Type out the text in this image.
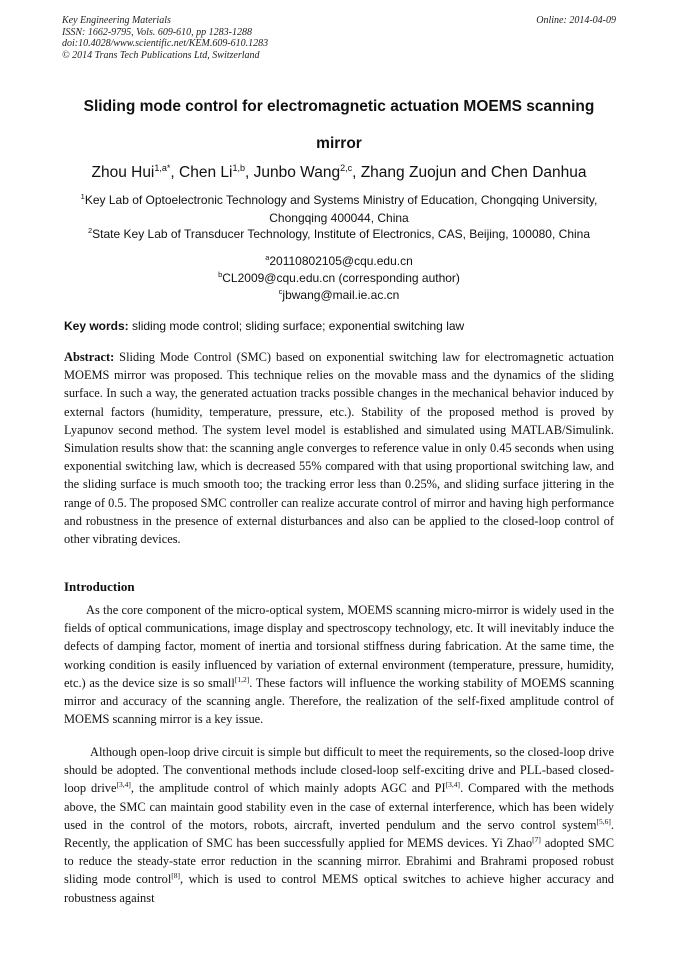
Key Engineering Materials
ISSN: 1662-9795, Vols. 609-610, pp 1283-1288
doi:10.4028/www.scientific.net/KEM.609-610.1283
© 2014 Trans Tech Publications Ltd, Switzerland
Online: 2014-04-09
Sliding mode control for electromagnetic actuation MOEMS scanning
mirror
Zhou Hui$^{1,a*}$, Chen Li$^{1,b}$, Junbo Wang$^{2,c}$, Zhang Zuojun and Chen Danhua
$^1$Key Lab of Optoelectronic Technology and Systems Ministry of Education, Chongqing University,
Chongqing 400044, China
$^2$State Key Lab of Transducer Technology, Institute of Electronics, CAS, Beijing, 100080, China
$^a$20110802105@cqu.edu.cn
$^b$CL2009@cqu.edu.cn (corresponding author)
$^c$jbwang@mail.ie.ac.cn
Key words: sliding mode control; sliding surface; exponential switching law
Abstract: Sliding Mode Control (SMC) based on exponential switching law for electromagnetic actuation MOEMS mirror was proposed. This technique relies on the movable mass and the dynamics of the sliding surface. In such a way, the generated actuation tracks possible changes in the mechanical behavior induced by external factors (humidity, temperature, pressure, etc.). Stability of the proposed method is proved by Lyapunov second method. The system level model is established and simulated using MATLAB/Simulink. Simulation results show that: the scanning angle converges to reference value in only 0.45 seconds when using exponential switching law, which is decreased 55% compared with that using proportional switching law, and the sliding surface is much smooth too; the tracking error less than 0.25%, and sliding surface jittering in the range of 0.5. The proposed SMC controller can realize accurate control of mirror and having high performance and robustness in the presence of external disturbances and also can be applied to the closed-loop control of other vibrating devices.
Introduction
As the core component of the micro-optical system, MOEMS scanning micro-mirror is widely used in the fields of optical communications, image display and spectroscopy technology, etc. It will inevitably induce the defects of damping factor, moment of inertia and torsional stiffness during fabrication. At the same time, the working condition is easily influenced by variation of external environment (temperature, pressure, humidity, etc.) as the device size is so small[1,2]. These factors will influence the working stability of MOEMS scanning mirror and accuracy of the scanning angle. Therefore, the realization of the self-fixed amplitude control of MOEMS scanning mirror is a key issue.
Although open-loop drive circuit is simple but difficult to meet the requirements, so the closed-loop drive should be adopted. The conventional methods include closed-loop self-exciting drive and PLL-based closed-loop drive[3,4], the amplitude control of which mainly adopts AGC and PI[3,4]. Compared with the methods above, the SMC can maintain good stability even in the case of external interference, which has been widely used in the control of the motors, robots, aircraft, inverted pendulum and the servo control system[5,6]. Recently, the application of SMC has been successfully applied for MEMS devices. Yi Zhao[7] adopted SMC to reduce the steady-state error reduction in the scanning mirror. Ebrahimi and Brahrami proposed robust sliding mode control[8], which is used to control MEMS optical switches to achieve higher accuracy and robustness against
